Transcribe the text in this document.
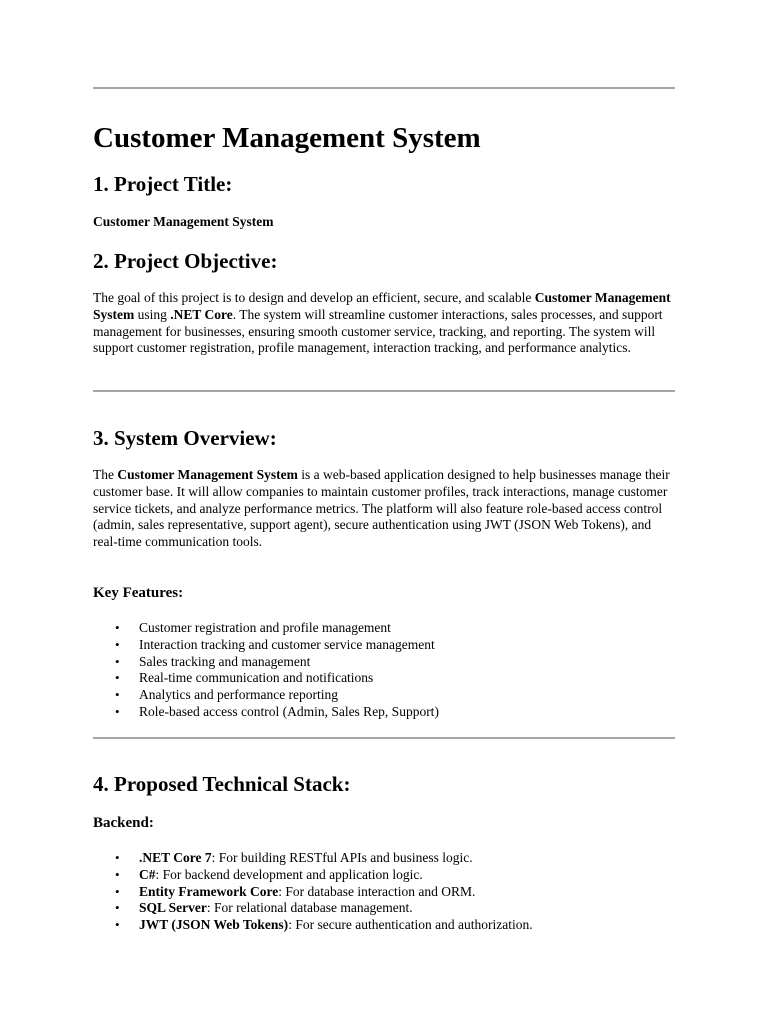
Customer Management System
1. Project Title:

Customer Management System

2. Project Objective:

The goal of this project is to design and develop an efficient, secure, and scalable Customer Management System using .NET Core. The system will streamline customer interactions, sales processes, and support management for businesses, ensuring smooth customer service, tracking, and reporting. The system will support customer registration, profile management, interaction tracking, and performance analytics.

3. System Overview:

The Customer Management System is a web-based application designed to help businesses manage their customer base. It will allow companies to maintain customer profiles, track interactions, manage customer service tickets, and analyze performance metrics. The platform will also feature role-based access control (admin, sales representative, support agent), secure authentication using JWT (JSON Web Tokens), and real-time communication tools.

Key Features:
• Customer registration and profile management
• Interaction tracking and customer service management
• Sales tracking and management
• Real-time communication and notifications
• Analytics and performance reporting
• Role-based access control (Admin, Sales Rep, Support)
4. Proposed Technical Stack:
Backend:
• .NET Core 7: For building RESTful APIs and business logic.
• C#: For backend development and application logic.
• Entity Framework Core: For database interaction and ORM.
• SQL Server: For relational database management.
• JWT (JSON Web Tokens): For secure authentication and authorization.
